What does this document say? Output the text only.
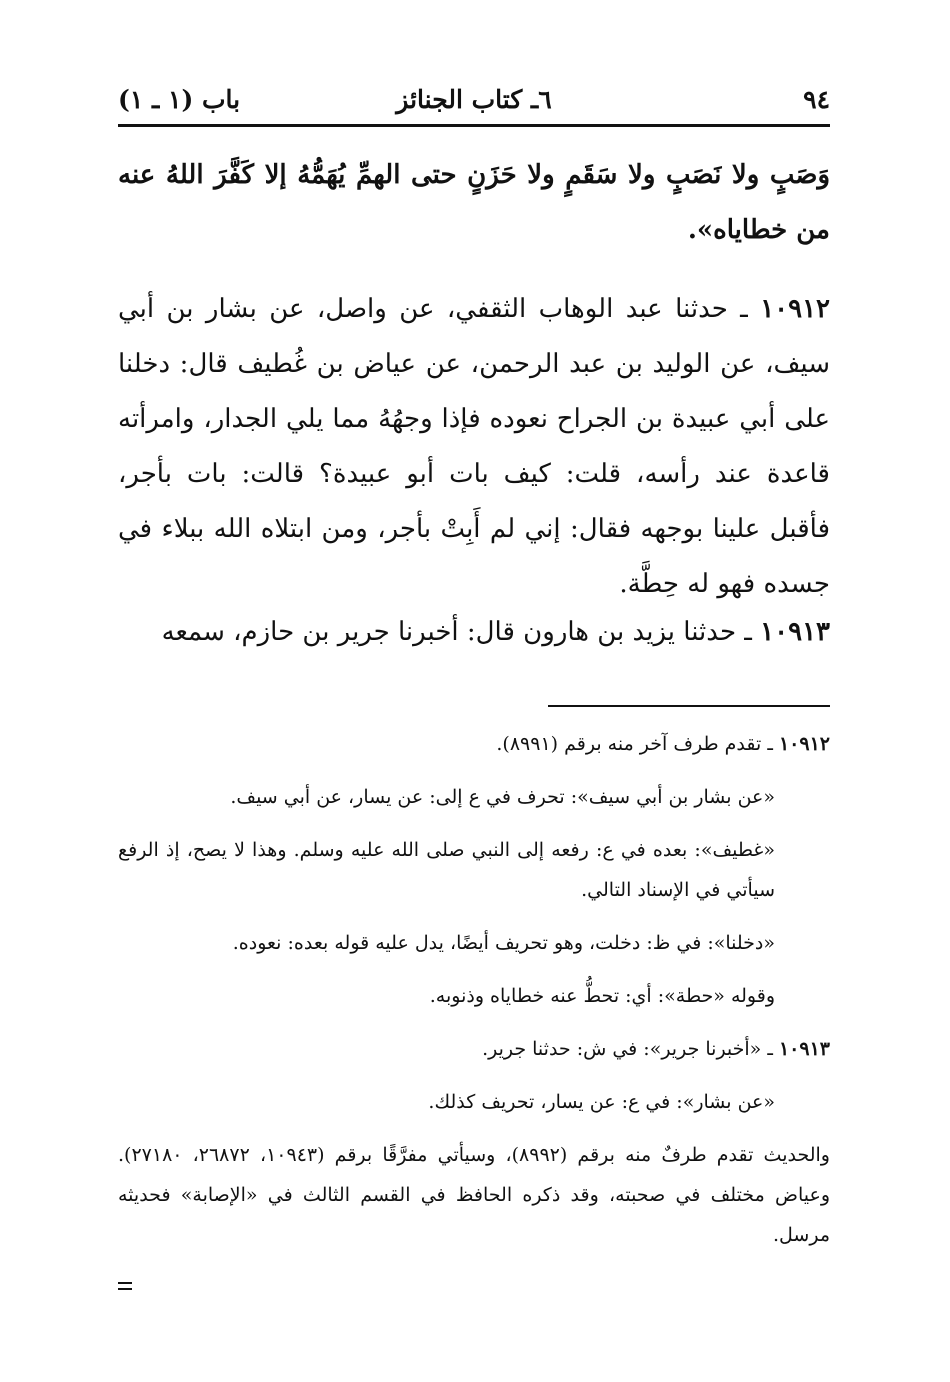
٩٤
٦ـ كتاب الجنائز
باب (١ ـ ١)
وَصَبٍ ولا نَصَبٍ ولا سَقَمٍ ولا حَزَنٍ حتى الهمِّ يُهَمُّهُ إلا كَفَّرَ اللهُ عنه من خطاياه».
١٠٩١٢ ـ حدثنا عبد الوهاب الثقفي، عن واصل، عن بشار بن أبي سيف، عن الوليد بن عبد الرحمن، عن عياض بن غُطيف قال: دخلنا على أبي عبيدة بن الجراح نعوده فإذا وجهُهُ مما يلي الجدار، وامرأته قاعدة عند رأسه، قلت: كيف بات أبو عبيدة؟ قالت: بات بأجر، فأقبل علينا بوجهه فقال: إني لم أَبِتْ بأجر، ومن ابتلاه الله ببلاء في جسده فهو له حِطَّة.
١٠٩١٣ ـ حدثنا يزيد بن هارون قال: أخبرنا جرير بن حازم، سمعه

١٠٩١٢ ـ تقدم طرف آخر منه برقم (٨٩٩١).

«عن بشار بن أبي سيف»: تحرف في ع إلى: عن يسار، عن أبي سيف.

«غطيف»: بعده في ع: رفعه إلى النبي صلى الله عليه وسلم. وهذا لا يصح، إذ الرفع سيأتي في الإسناد التالي.

«دخلنا»: في ظ: دخلت، وهو تحريف أيضًا، يدل عليه قوله بعده: نعوده.

وقوله «حطة»: أي: تحطُّ عنه خطاياه وذنوبه.

١٠٩١٣ ـ «أخبرنا جرير»: في ش: حدثنا جرير.

«عن بشار»: في ع: عن يسار، تحريف كذلك.

والحديث تقدم طرفٌ منه برقم (٨٩٩٢)، وسيأتي مفرَّقًا برقم (١٠٩٤٣، ٢٦٨٧٢، ٢٧١٨٠). وعياض مختلف في صحبته، وقد ذكره الحافظ في القسم الثالث في «الإصابة» فحديثه مرسل.
